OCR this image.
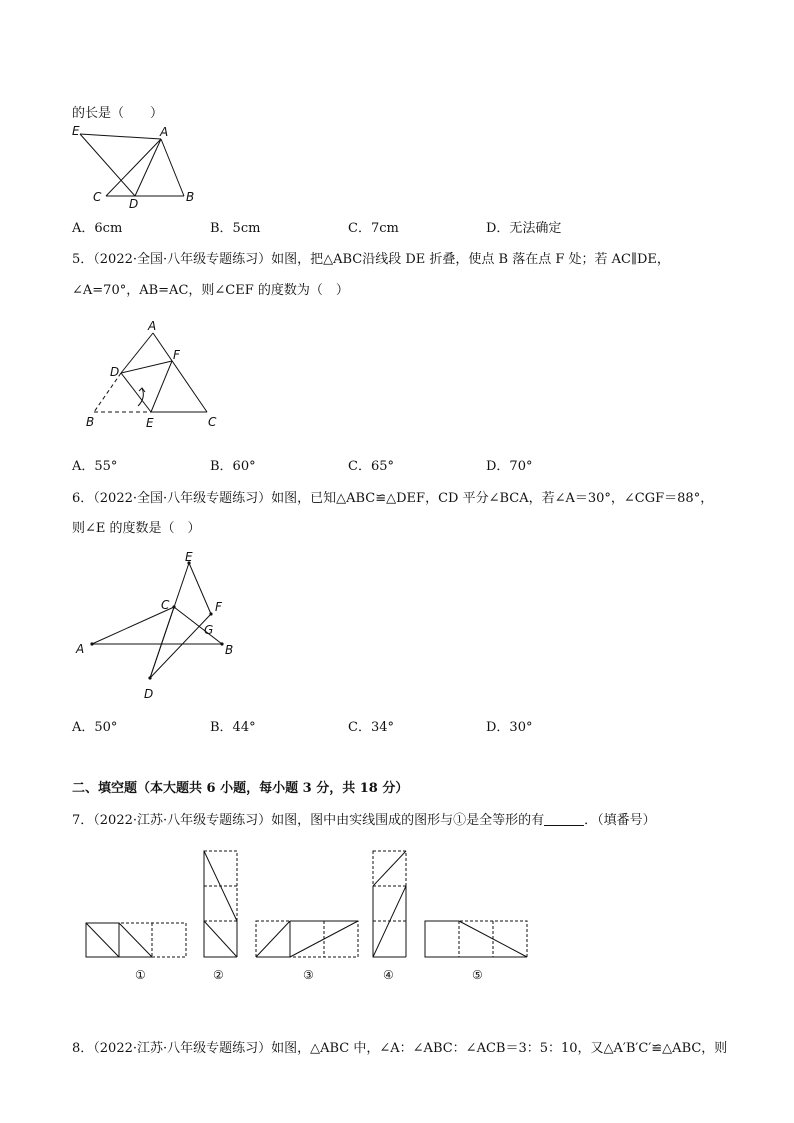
的长是（　　）
E	A
C D	B
A．6cm	B．5cm	C．7cm	D．无法确定
5．（2022·全国·八年级专题练习）如图，把△ABC沿线段 DE 折叠，使点 B 落在点 F 处；若 AC∥DE，
∠A=70°，AB=AC，则∠CEF 的度数为（　）
A
D
F
B	E	C
A．55°	B．60°	C．65°	D．70°
6．（2022·全国·八年级专题练习）如图，已知△ABC≌△DEF，CD 平分∠BCA，若∠A＝30°，∠CGF＝88°，
则∠E 的度数是（　）
E
C	F
G
A	B
D
A．50°	B．44°	C．34°	D．30°
二、填空题（本大题共 6 小题，每小题 3 分，共 18 分）
7．（2022·江苏·八年级专题练习）如图，图中由实线围成的图形与①是全等形的有	．（填番号）
①	②	③	④	⑤
8．（2022·江苏·八年级专题练习）如图，△ABC 中，∠A：∠ABC：∠ACB＝3：5：10，又△A′B′C′≌△ABC，则
